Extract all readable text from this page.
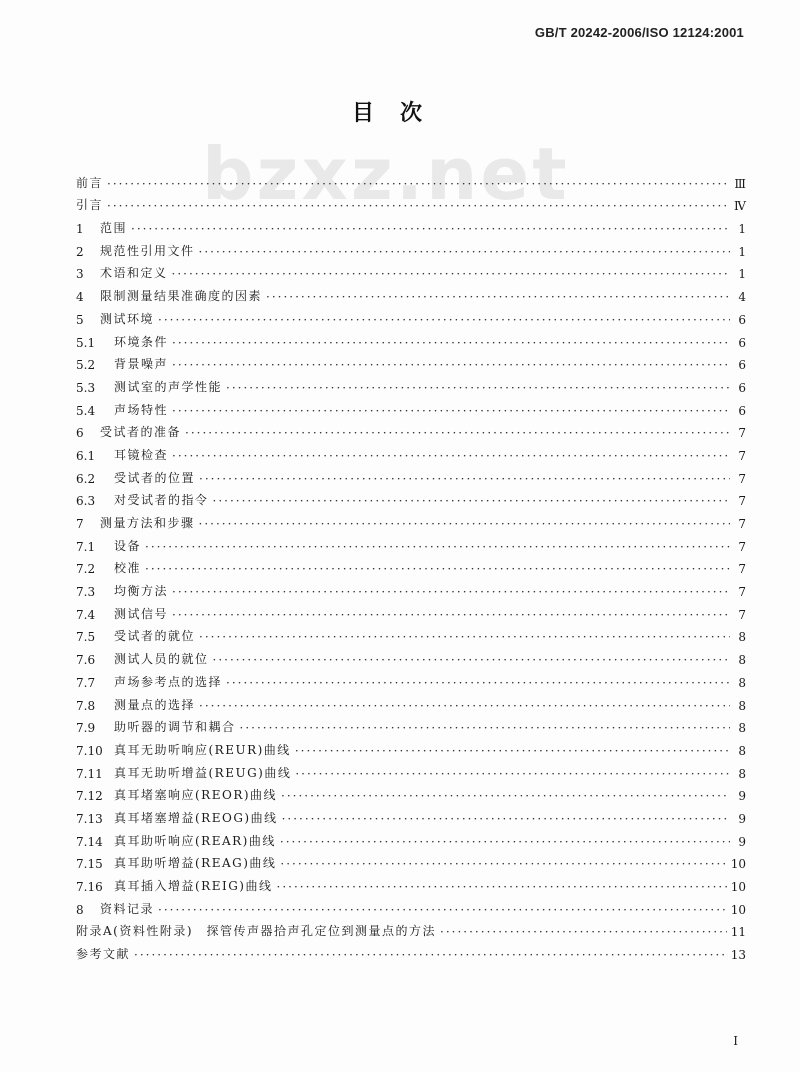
GB/T 20242-2006/ISO 12124:2001
bzxz.net
目次
前言 ·····	Ⅲ
引言 ·····	Ⅳ
1 范围 ·····	1
2 规范性引用文件 ·····	1
3 术语和定义 ·····	1
4 限制测量结果准确度的因素 ·····	4
5 测试环境 ·····	6
5.1	环境条件 ·····	6
5.2	背景噪声 ·····	6
5.3	测试室的声学性能 ·····	6
5.4	声场特性 ·····	6
6 受试者的准备 ·····	7
6.1	耳镜检查 ·····	7
6.2	受试者的位置 ·····	7
6.3	对受试者的指令 ·····	7
7 测量方法和步骤 ·····	7
7.1	设备 ·····	7
7.2	校准 ·····	7
7.3	均衡方法 ·····	7
7.4	测试信号 ·····	7
7.5	受试者的就位 ·····	8
7.6	测试人员的就位 ·····	8
7.7	声场参考点的选择 ·····	8
7.8	测量点的选择 ·····	8
7.9	助听器的调节和耦合 ·····	8
7.10 真耳无助听响应(REUR)曲线 ·····	8
7.11 真耳无助听增益(REUG)曲线 ·····	8
7.12 真耳堵塞响应(REOR)曲线 ·····	9
7.13 真耳堵塞增益(REOG)曲线 ·····	9
7.14 真耳助听响应(REAR)曲线 ·····	9
7.15 真耳助听增益(REAG)曲线 ·····	10
7.16 真耳插入增益(REIG)曲线 ·····	10
8 资料记录 ·····	10
附录A(资料性附录)　探管传声器拾声孔定位到测量点的方法 ·····	11
参考文献 ·····	13
I
